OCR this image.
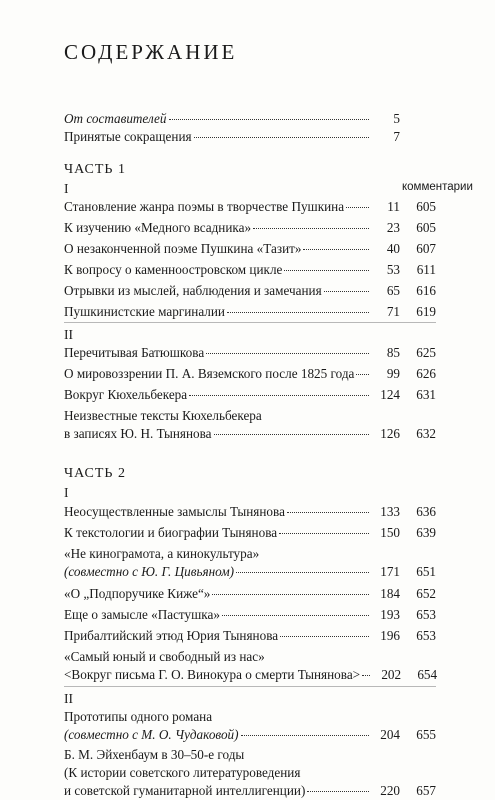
СОДЕРЖАНИЕ
От составителей	5
Принятые сокращения	7
ЧАСТЬ 1
I	комментарии
Становление жанра поэмы в творчестве Пушкина	11	605
К изучению «Медного всадника»	23	605
О незаконченной поэме Пушкина «Тазит»	40	607
К вопросу о каменноостровском цикле	53	611
Отрывки из мыслей, наблюдения и замечания	65	616
Пушкинистские маргиналии	71	619
II
Перечитывая Батюшкова	85	625
О мировоззрении П. А. Вяземского после 1825 года	99	626
Вокруг Кюхельбекера	124	631
Неизвестные тексты Кюхельбекера
в записях Ю. Н. Тынянова	126	632
ЧАСТЬ 2
I
Неосуществленные замыслы Тынянова	133	636
К текстологии и биографии Тынянова	150	639
«Не кинограмота, а кинокультура»
(совместно с Ю. Г. Цивьяном)	171	651
«О „Подпоручике Киже“»	184	652
Еще о замысле «Пастушка»	193	653
Прибалтийский этюд Юрия Тынянова	196	653
«Самый юный и свободный из нас»
<Вокруг письма Г. О. Винокура о смерти Тынянова>	202	654
II
Прототипы одного романа
(совместно с М. О. Чудаковой)	204	655
Б. М. Эйхенбаум в 30–50-е годы
(К истории советского литературоведения
и советской гуманитарной интеллигенции)	220	657
